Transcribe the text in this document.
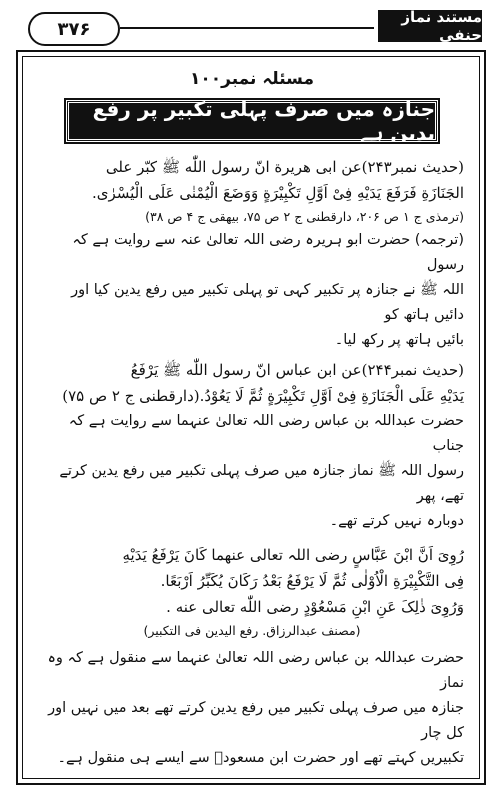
۳۷۶
مستند نماز حنفی
مسئلہ نمبر۱۰۰
جنازہ میں صرف پہلی تکبیر پر رفع یدین ہے

(حدیث نمبر۲۴۳)عن ابی ھریرة انّ رسول اللّٰه ﷺ کبّر علی

الجَنَازَةِ فَرَفَعَ یَدَیْهِ فِیْ اَوَّلِ تَکْبِیْرَةٍ وَوَضَعَ الْیُمْنٰی عَلَی الْیُسْرٰی.

(ترمذی ج ۱ ص ۲۰۶، دارقطنی ج ۲ ص ۷۵، بیھقی ج ۴ ص ۳۸)

(ترجمہ) حضرت ابو ہریرہ رضی اللہ تعالیٰ عنہ سے روایت ہے کہ رسول

اللہ ﷺ نے جنازہ پر تکبیر کہی تو پہلی تکبیر میں رفع یدین کیا اور دائیں ہاتھ کو

بائیں ہاتھ پر رکھ لیا۔

(حدیث نمبر۲۴۴)عن ابن عباس انّ رسول اللّٰه ﷺ یَرْفَعُ

یَدَیْهِ عَلَی الْجَنَازَةِ فِیْ اَوَّلِ تَکْبِیْرَةٍ ثُمَّ لَا یَعُوْدُ.(دارقطنی ج ۲ ص ۷۵)

حضرت عبداللہ بن عباس رضی اللہ تعالیٰ عنہما سے روایت ہے کہ جناب

رسول اللہ ﷺ نماز جنازہ میں صرف پہلی تکبیر میں رفع یدین کرتے تھے، پھر

دوبارہ نہیں کرتے تھے۔

رُوِیَ اَنَّ ابْنَ عَبَّاسٍ رضی اللہ تعالی عنھما کَانَ یَرْفَعُ یَدَیْهِ

فِی التَّکْبِیْرَةِ الْاُوْلٰی ثُمَّ لَا یَرْفَعُ بَعْدُ رَکَانَ یُکَبِّرُ اَرْبَعًا.

وَرُوِیَ ذٰلِکَ عَنِ ابْنِ مَسْعُوْدٍ رضی اللّٰه تعالی عنه .

(مصنف عبدالرزاق. رفع الیدین فی التکبیر)

حضرت عبداللہ بن عباس رضی اللہ تعالیٰ عنہما سے منقول ہے کہ وہ نماز

جنازہ میں صرف پہلی تکبیر میں رفع یدین کرتے تھے بعد میں نہیں اور کل چار

تکبیریں کہتے تھے اور حضرت ابن مسعودؓ سے ایسے ہی منقول ہے۔
